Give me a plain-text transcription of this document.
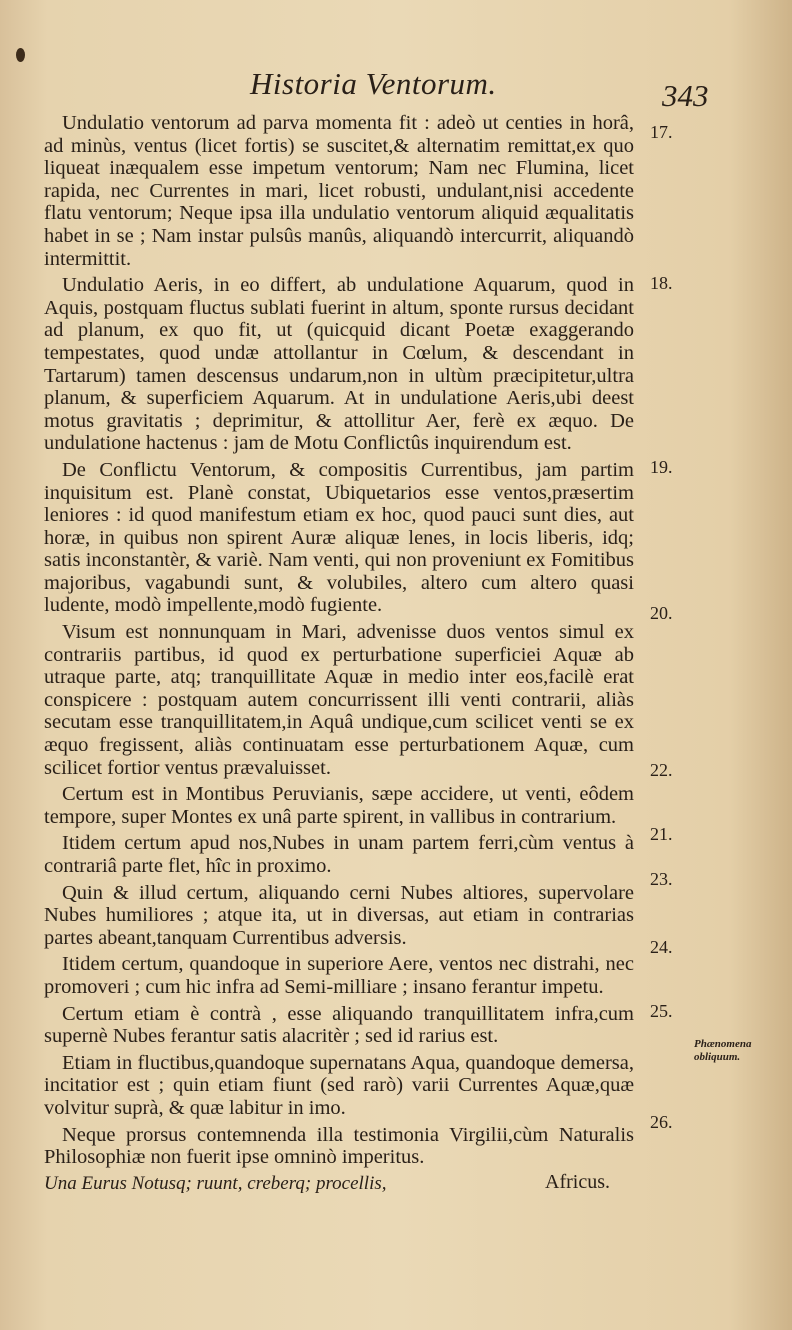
Historia Ventorum.	343

Undulatio ventorum ad parva momenta fit : adeò ut centies in horâ, ad minùs, ventus (licet fortis) se suscitet,& alternatim remittat,ex quo liqueat inæqualem esse impetum ventorum; Nam nec Flumina, licet rapida, nec Currentes in mari, licet robusti, undulant,nisi accedente flatu ventorum; Neque ipsa illa undulatio ventorum aliquid æqualitatis habet in se ; Nam instar pulsûs manûs, aliquandò intercurrit, aliquandò intermittit.

Undulatio Aeris, in eo differt, ab undulatione Aquarum, quod in Aquis, postquam fluctus sublati fuerint in altum, sponte rursus decidant ad planum, ex quo fit, ut (quicquid dicant Poetæ exaggerando tempestates, quod undæ attollantur in Cœlum, & descendant in Tartarum) tamen descensus undarum,non in ultùm præcipitetur,ultra planum, & superficiem Aquarum. At in undulatione Aeris,ubi deest motus gravitatis ; deprimitur, & attollitur Aer, ferè ex æquo. De undulatione hactenus : jam de Motu Conflictûs inquirendum est.

De Conflictu Ventorum, & compositis Currentibus, jam partim inquisitum est. Planè constat, Ubiquetarios esse ventos,præsertim leniores : id quod manifestum etiam ex hoc, quod pauci sunt dies, aut horæ, in quibus non spirent Auræ aliquæ lenes, in locis liberis, idq; satis inconstantèr, & variè. Nam venti, qui non proveniunt ex Fomitibus majoribus, vagabundi sunt, & volubiles, altero cum altero quasi ludente, modò impellente,modò fugiente.

Visum est nonnunquam in Mari, advenisse duos ventos simul ex contrariis partibus, id quod ex perturbatione superficiei Aquæ ab utraque parte, atq; tranquillitate Aquæ in medio inter eos,facilè erat conspicere : postquam autem concurrissent illi venti contrarii, aliàs secutam esse tranquillitatem,in Aquâ undique,cum scilicet venti se ex æquo fregissent, aliàs continuatam esse perturbationem Aquæ, cum scilicet fortior ventus prævaluisset.

Certum est in Montibus Peruvianis, sæpe accidere, ut venti, eôdem tempore, super Montes ex unâ parte spirent, in vallibus in contrarium.

Itidem certum apud nos,Nubes in unam partem ferri,cùm ventus à contrariâ parte flet, hîc in proximo.

Quin & illud certum, aliquando cerni Nubes altiores, supervolare Nubes humiliores ; atque ita, ut in diversas, aut etiam in contrarias partes abeant,tanquam Currentibus adversis.

Itidem certum, quandoque in superiore Aere, ventos nec distrahi, nec promoveri ; cum hic infra ad Semi-milliare ; insano ferantur impetu.

Certum etiam è contrà , esse aliquando tranquillitatem infra,cum supernè Nubes ferantur satis alacritèr ; sed id rarius est.

Etiam in fluctibus,quandoque supernatans Aqua, quandoque demersa, incitatior est ; quin etiam fiunt (sed rarò) varii Currentes Aquæ,quæ volvitur suprà, & quæ labitur in imo.

Neque prorsus contemnenda illa testimonia Virgilii,cùm Naturalis Philosophiæ non fuerit ipse omninò imperitus.

Una Eurus Notusq; ruunt, creberq; procellis,
17.
18.
19.
20.
22.
21.
23.
24.
25.
26.
Phænomena obliquum.
Africus.
